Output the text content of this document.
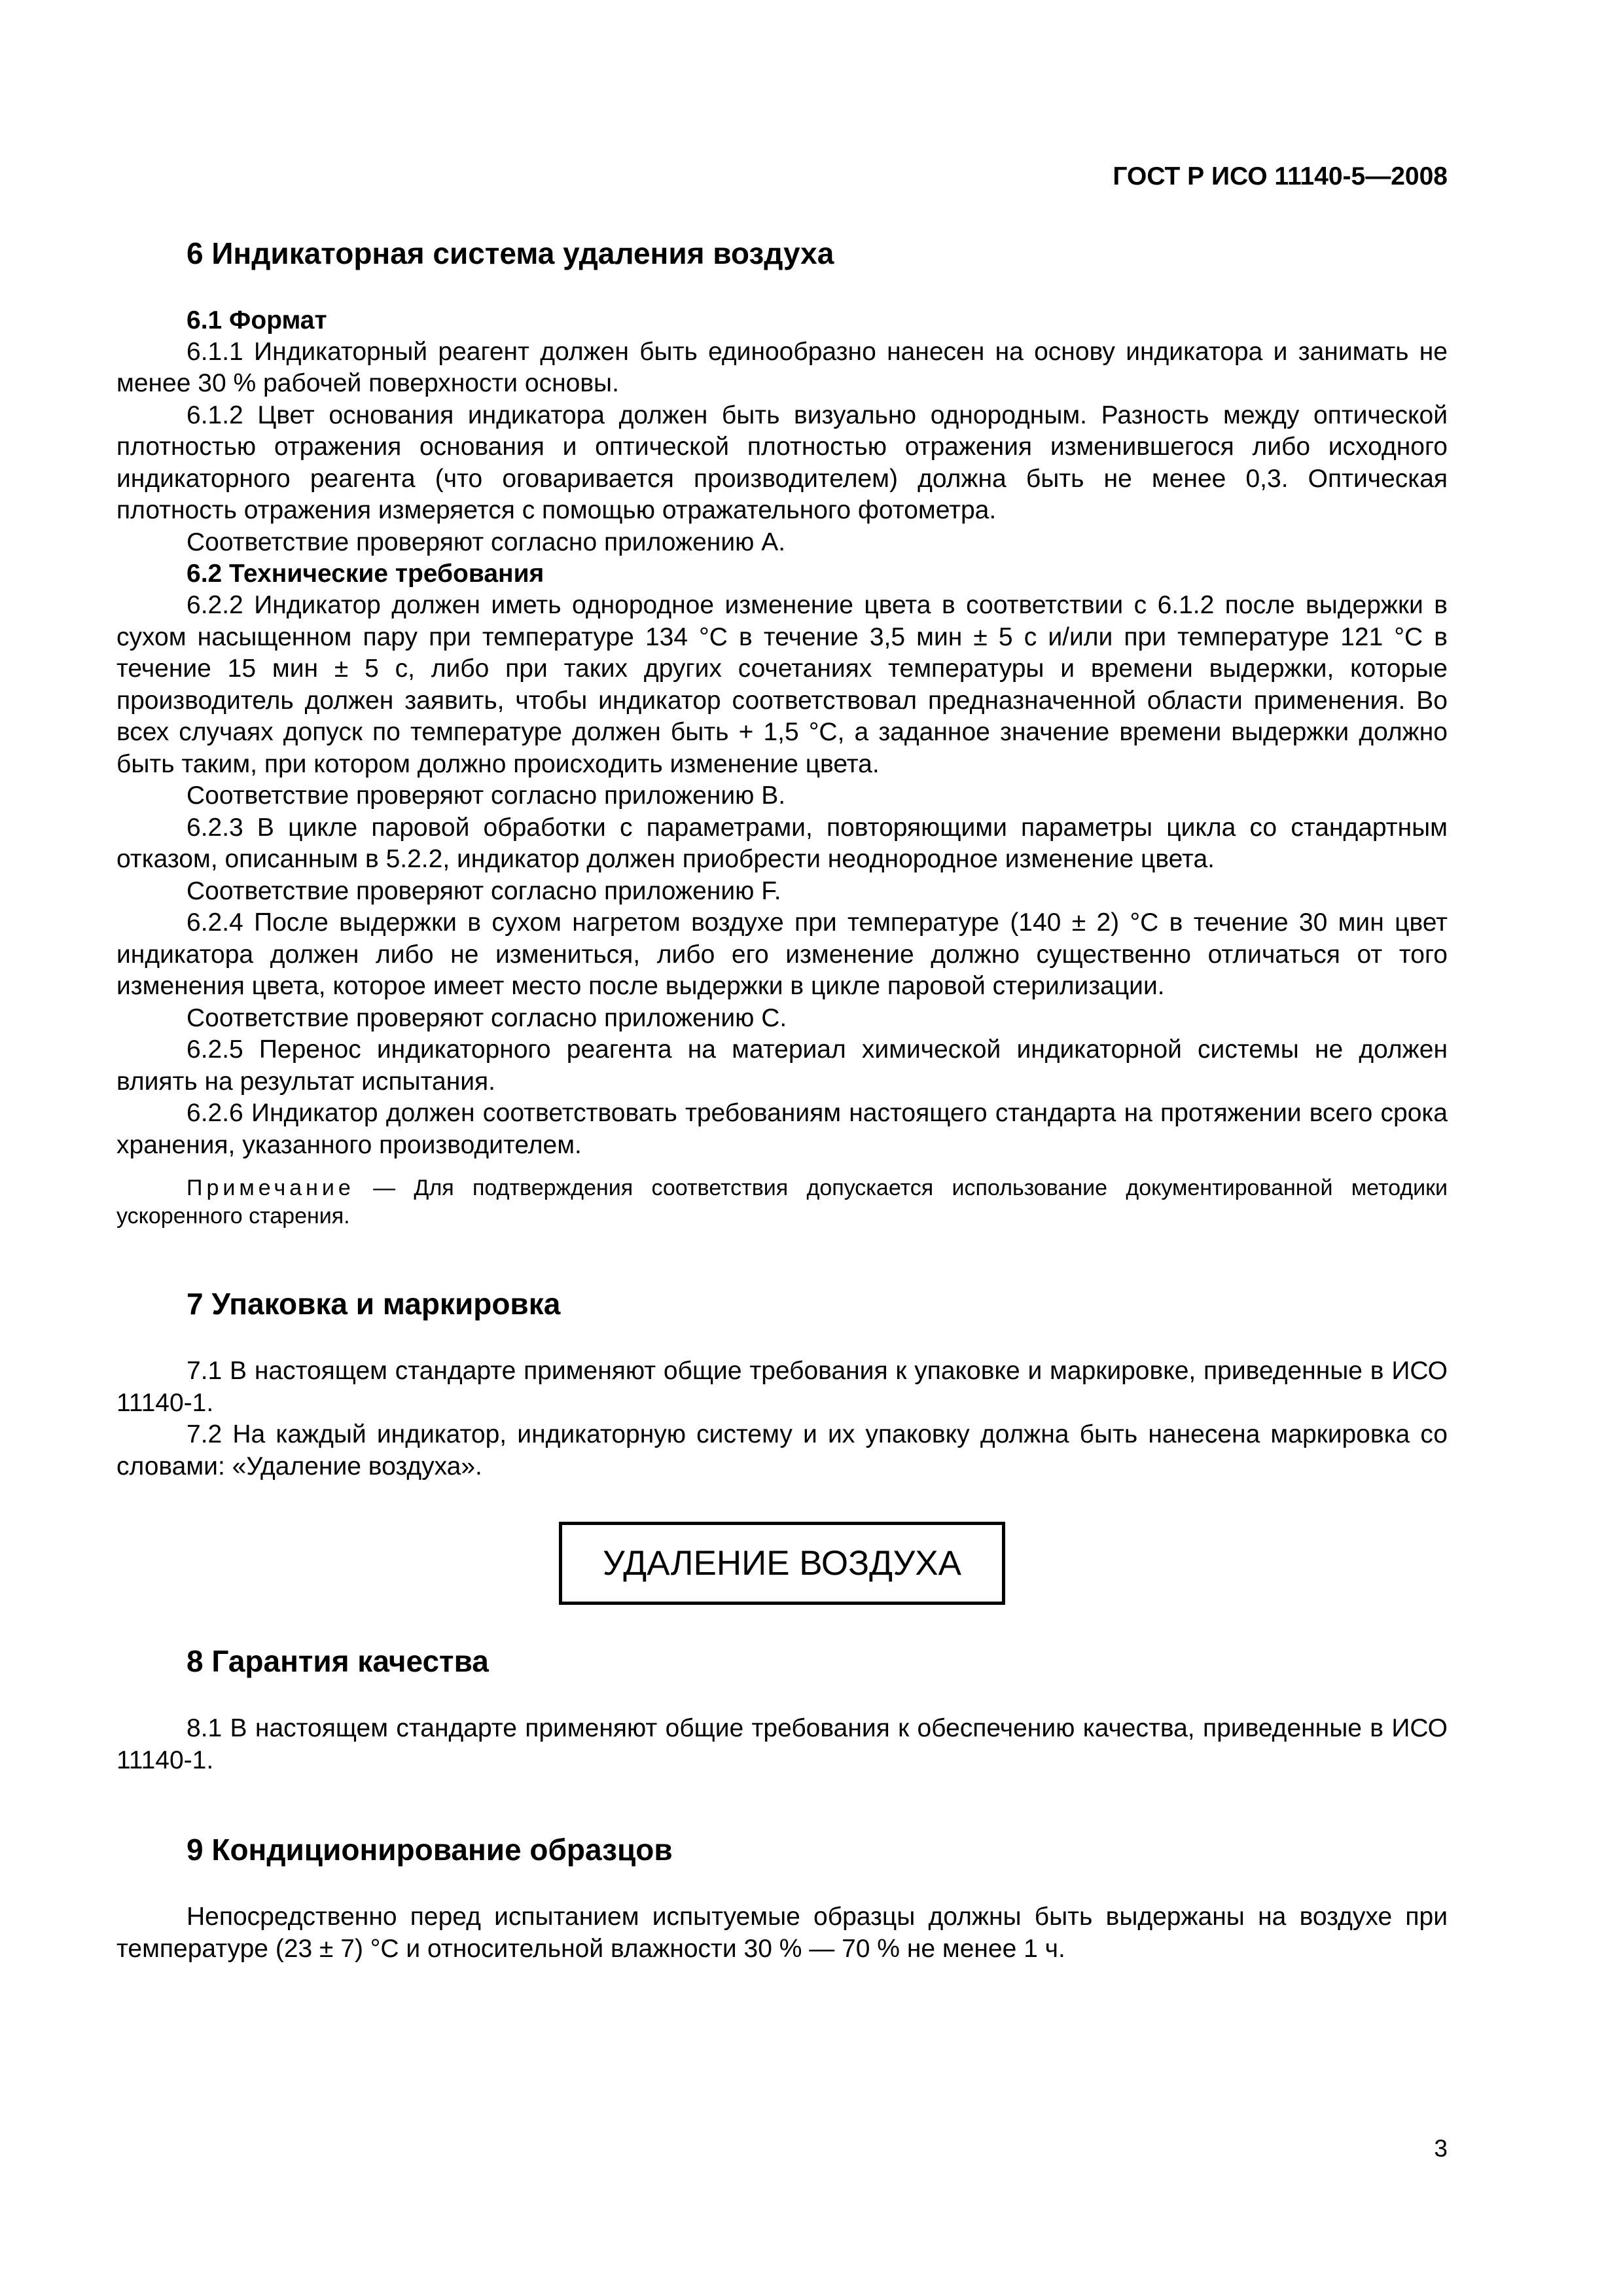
ГОСТ Р ИСО 11140-5—2008
6 Индикаторная система удаления воздуха
6.1 Формат

6.1.1 Индикаторный реагент должен быть единообразно нанесен на основу индикатора и занимать не менее 30 % рабочей поверхности основы.

6.1.2 Цвет основания индикатора должен быть визуально однородным. Разность между оптической плотностью отражения основания и оптической плотностью отражения изменившегося либо исходного индикаторного реагента (что оговаривается производителем) должна быть не менее 0,3. Оптическая плотность отражения измеряется с помощью отражательного фотометра.

Соответствие проверяют согласно приложению А.

6.2 Технические требования

6.2.2 Индикатор должен иметь однородное изменение цвета в соответствии с 6.1.2 после выдержки в сухом насыщенном пару при температуре 134 °С в течение 3,5 мин ± 5 с и/или при температуре 121 °С в течение 15 мин ± 5 с, либо при таких других сочетаниях температуры и времени выдержки, которые производитель должен заявить, чтобы индикатор соответствовал предназначенной области применения. Во всех случаях допуск по температуре должен быть + 1,5 °С, а заданное значение времени выдержки должно быть таким, при котором должно происходить изменение цвета.

Соответствие проверяют согласно приложению В.

6.2.3 В цикле паровой обработки с параметрами, повторяющими параметры цикла со стандартным отказом, описанным в 5.2.2, индикатор должен приобрести неоднородное изменение цвета.

Соответствие проверяют согласно приложению F.

6.2.4 После выдержки в сухом нагретом воздухе при температуре (140 ± 2) °С в течение 30 мин цвет индикатора должен либо не измениться, либо его изменение должно существенно отличаться от того изменения цвета, которое имеет место после выдержки в цикле паровой стерилизации.

Соответствие проверяют согласно приложению С.

6.2.5 Перенос индикаторного реагента на материал химической индикаторной системы не должен влиять на результат испытания.

6.2.6 Индикатор должен соответствовать требованиям настоящего стандарта на протяжении всего срока хранения, указанного производителем.

Примечание — Для подтверждения соответствия допускается использование документированной методики ускоренного старения.

7 Упаковка и маркировка

7.1 В настоящем стандарте применяют общие требования к упаковке и маркировке, приведенные в ИСО 11140-1.

7.2 На каждый индикатор, индикаторную систему и их упаковку должна быть нанесена маркировка со словами: «Удаление воздуха».

УДАЛЕНИЕ ВОЗДУХА
8 Гарантия качества

8.1 В настоящем стандарте применяют общие требования к обеспечению качества, приведенные в ИСО 11140-1.

9 Кондиционирование образцов

Непосредственно перед испытанием испытуемые образцы должны быть выдержаны на воздухе при температуре (23 ± 7) °С и относительной влажности 30 % — 70 % не менее 1 ч.

3
